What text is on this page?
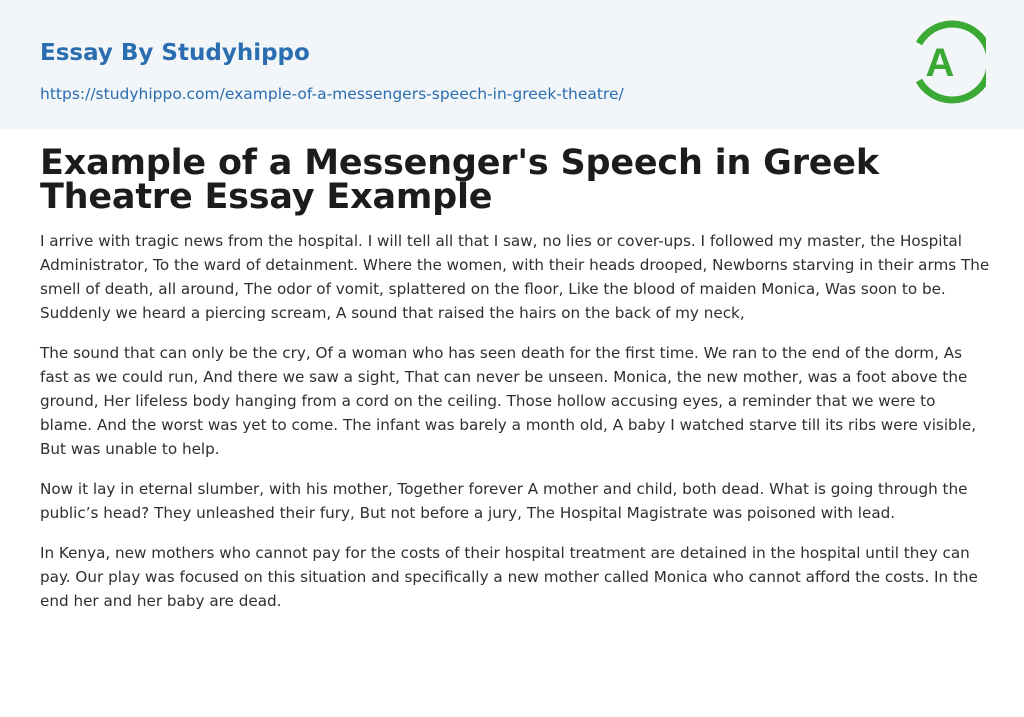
Essay By Studyhippo
https://studyhippo.com/example-of-a-messengers-speech-in-greek-theatre/
A
Example of a Messenger's Speech in Greek Theatre Essay Example

I arrive with tragic news from the hospital. I will tell all that I saw, no lies or cover-ups. I followed my master, the Hospital Administrator, To the ward of detainment. Where the women, with their heads drooped, Newborns starving in their arms The smell of death, all around, The odor of vomit, splattered on the floor, Like the blood of maiden Monica, Was soon to be. Suddenly we heard a piercing scream, A sound that raised the hairs on the back of my neck,

The sound that can only be the cry, Of a woman who has seen death for the first time. We ran to the end of the dorm, As fast as we could run, And there we saw a sight, That can never be unseen. Monica, the new mother, was a foot above the ground, Her lifeless body hanging from a cord on the ceiling. Those hollow accusing eyes, a reminder that we were to blame. And the worst was yet to come. The infant was barely a month old, A baby I watched starve till its ribs were visible, But was unable to help.

Now it lay in eternal slumber, with his mother, Together forever A mother and child, both dead. What is going through the public’s head? They unleashed their fury, But not before a jury, The Hospital Magistrate was poisoned with lead.

In Kenya, new mothers who cannot pay for the costs of their hospital treatment are detained in the hospital until they can pay. Our play was focused on this situation and specifically a new mother called Monica who cannot afford the costs. In the end her and her baby are dead.
